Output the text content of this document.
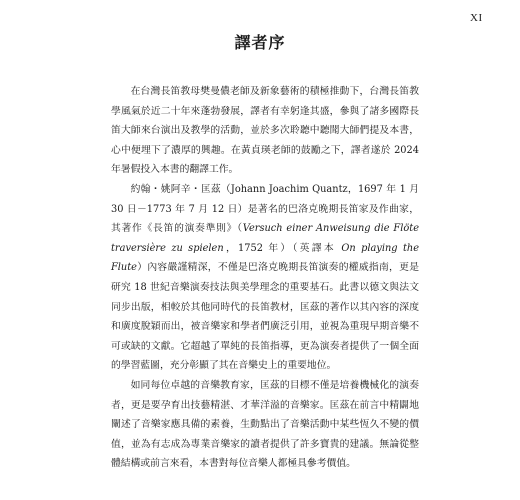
XI
譯者序

在台灣長笛教母樊曼儂老師及新象藝術的積極推動下，台灣長笛教學風氣於近二十年來蓬勃發展，譯者有幸躬逢其盛，參與了諸多國際長笛大師來台演出及教學的活動，並於多次聆聽中聽聞大師們提及本書，心中便埋下了濃厚的興趣。在黃貞瑛老師的鼓勵之下，譯者遂於 2024 年暑假投入本書的翻譯工作。

約翰・姚阿辛・匡茲（Johann Joachim Quantz，1697 年 1 月 30 日－1773 年 7 月 12 日）是著名的巴洛克晚期長笛家及作曲家，其著作《長笛的演奏準則》（Versuch einer Anweisung die Flöte traversière zu spielen，1752 年）（英譯本 On playing the Flute）內容嚴謹精深，不僅是巴洛克晚期長笛演奏的權威指南，更是研究 18 世紀音樂演奏技法與美學理念的重要基石。此書以德文與法文同步出版，相較於其他同時代的長笛教材，匡茲的著作以其內容的深度和廣度脫穎而出，被音樂家和學者們廣泛引用，並視為重現早期音樂不可或缺的文獻。它超越了單純的長笛指導，更為演奏者提供了一個全面的學習藍圖，充分彰顯了其在音樂史上的重要地位。

如同每位卓越的音樂教育家，匡茲的目標不僅是培養機械化的演奏者，更是要孕育出技藝精湛、才華洋溢的音樂家。匡茲在前言中精闢地闡述了音樂家應具備的素養，生動點出了音樂活動中某些恆久不變的價值，並為有志成為專業音樂家的讀者提供了許多寶貴的建議。無論從整體結構或前言來看，本書對每位音樂人都極具參考價值。
